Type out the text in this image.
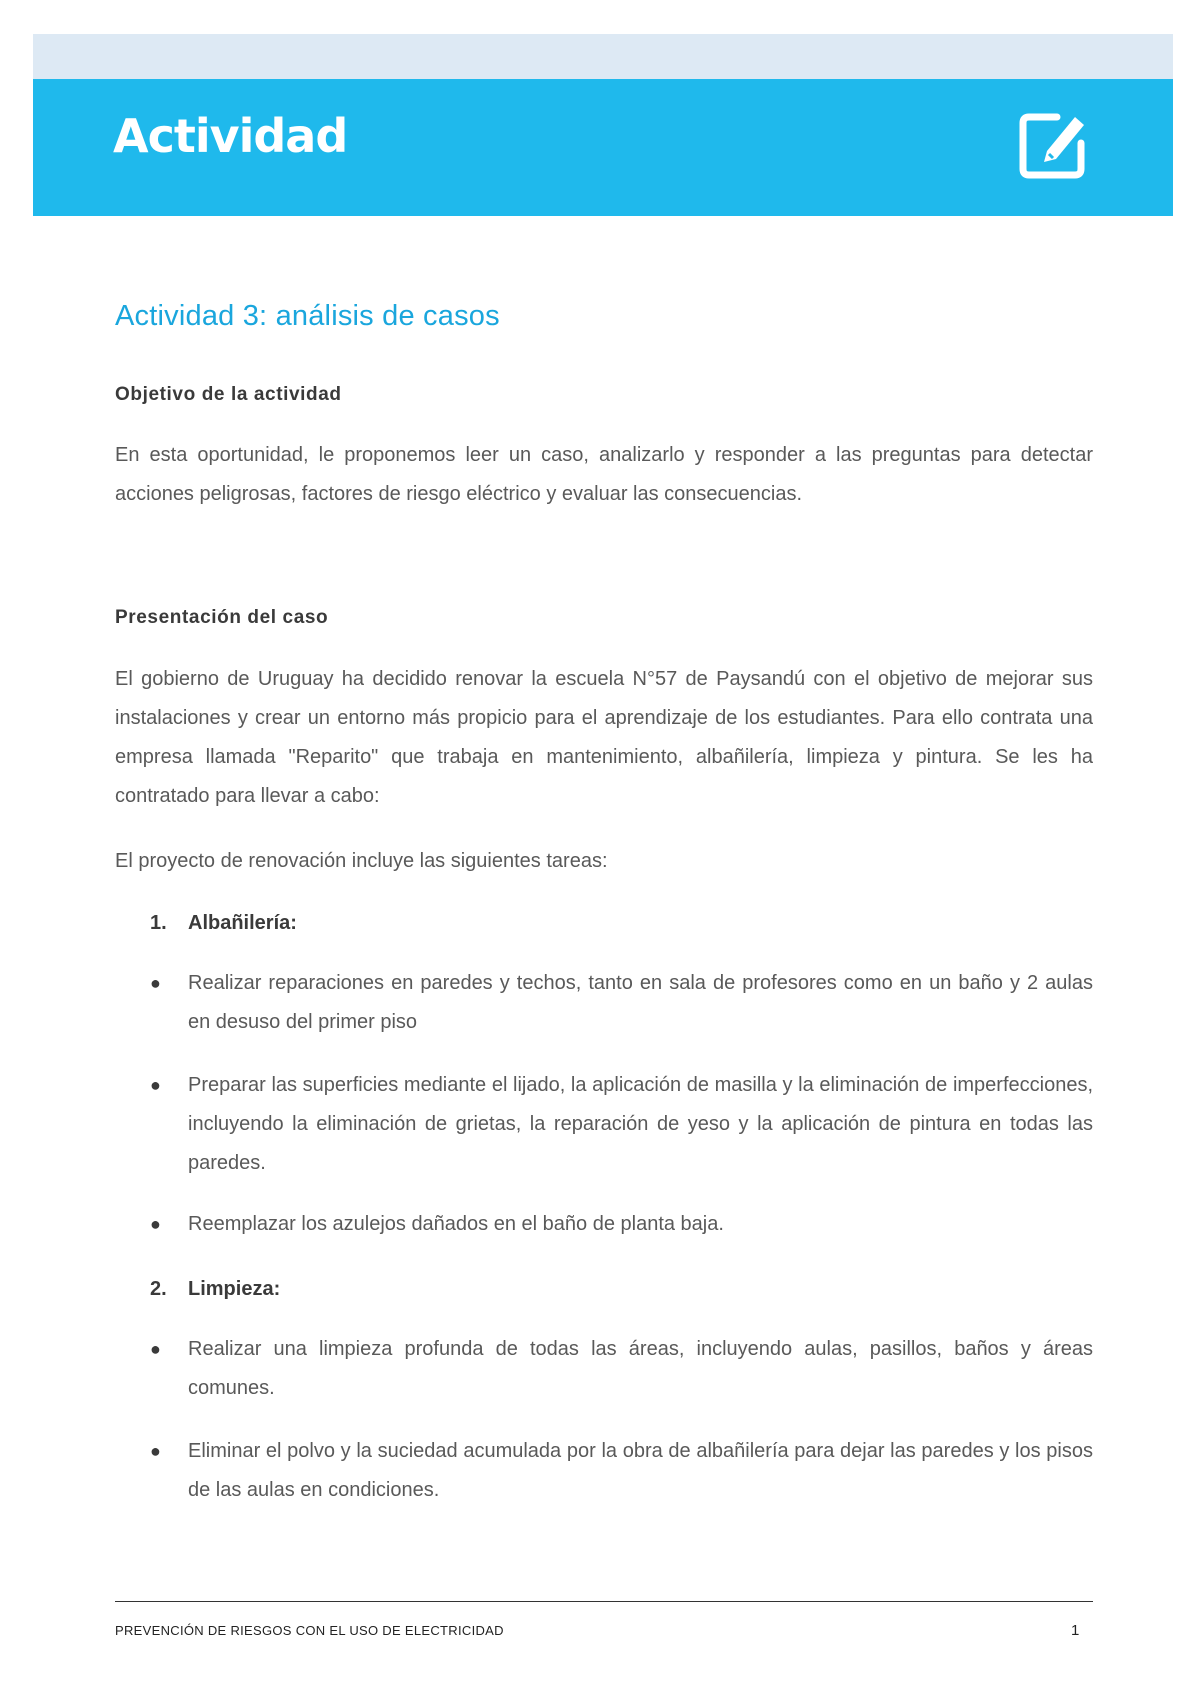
Actividad
Actividad 3: análisis de casos
Objetivo de la actividad

En esta oportunidad, le proponemos leer un caso, analizarlo y responder a las preguntas para detectar acciones peligrosas, factores de riesgo eléctrico y evaluar las consecuencias.

Presentación del caso

El gobierno de Uruguay ha decidido renovar la escuela N°57 de Paysandú con el objetivo de mejorar sus instalaciones y crear un entorno más propicio para el aprendizaje de los estudiantes. Para ello contrata una empresa llamada "Reparito" que trabaja en mantenimiento, albañilería, limpieza y pintura. Se les ha contratado para llevar a cabo:

El proyecto de renovación incluye las siguientes tareas:

1. Albañilería:

●	Realizar reparaciones en paredes y techos, tanto en sala de profesores como en un baño y 2 aulas en desuso del primer piso

●	Preparar las superficies mediante el lijado, la aplicación de masilla y la eliminación de imperfecciones, incluyendo la eliminación de grietas, la reparación de yeso y la aplicación de pintura en todas las paredes.

●	Reemplazar los azulejos dañados en el baño de planta baja.

2. Limpieza:

●	Realizar una limpieza profunda de todas las áreas, incluyendo aulas, pasillos, baños y áreas comunes.

●	Eliminar el polvo y la suciedad acumulada por la obra de albañilería para dejar las paredes y los pisos de las aulas en condiciones.

PREVENCIÓN DE RIESGOS CON EL USO DE ELECTRICIDAD	1
